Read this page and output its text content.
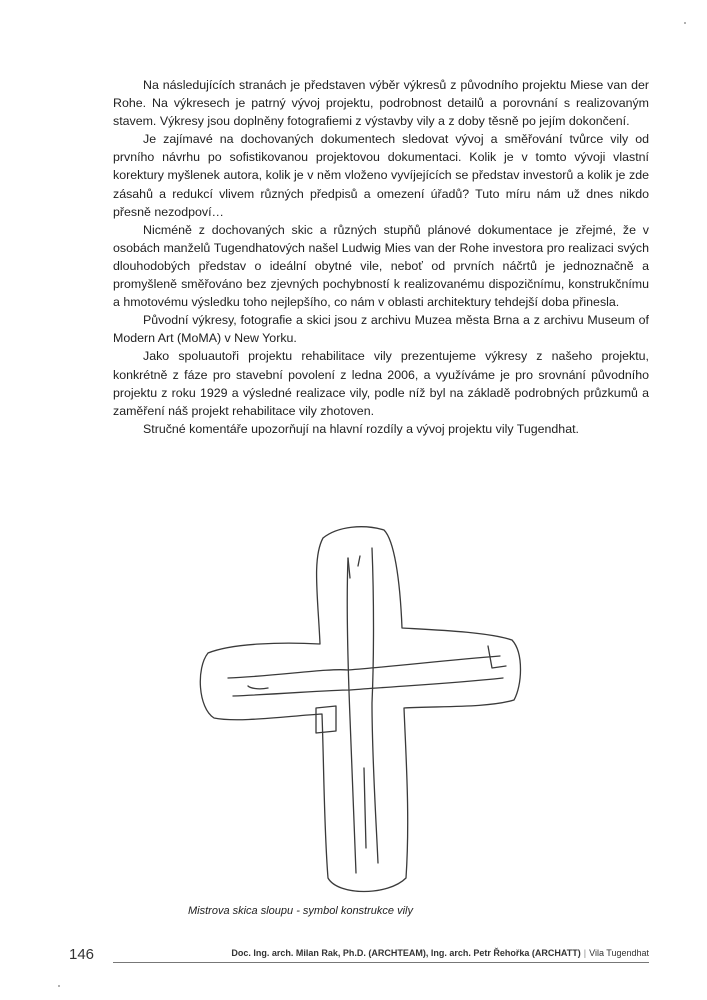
Na následujících stranách je představen výběr výkresů z původního projektu Miese van der Rohe. Na výkresech je patrný vývoj projektu, podrobnost detailů a porovnání s realizovaným stavem. Výkresy jsou doplněny fotografiemi z výstavby vily a z doby těsně po jejím dokončení.

Je zajímavé na dochovaných dokumentech sledovat vývoj a směřování tvůrce vily od prvního návrhu po sofistikovanou projektovou dokumentaci. Kolik je v tomto vývoji vlastní korektury myšlenek autora, kolik je v něm vloženo vyvíjejících se představ investorů a kolik je zde zásahů a redukcí vlivem různých předpisů a omezení úřadů? Tuto míru nám už dnes nikdo přesně nezodpoví…

Nicméně z dochovaných skic a různých stupňů plánové dokumentace je zřejmé, že v osobách manželů Tugendhatových našel Ludwig Mies van der Rohe investora pro realizaci svých dlouhodobých představ o ideální obytné vile, neboť od prvních náčrtů je jednoznačně a promyšleně směřováno bez zjevných pochybností k realizovanému dispozičnímu, konstrukčnímu a hmotovému výsledku toho nejlepšího, co nám v oblasti architektury tehdejší doba přinesla.

Původní výkresy, fotografie a skici jsou z archivu Muzea města Brna a z archivu Museum of Modern Art (MoMA) v New Yorku.

Jako spoluautoři projektu rehabilitace vily prezentujeme výkresy z našeho projektu, konkrétně z fáze pro stavební povolení z ledna 2006, a využíváme je pro srovnání původního projektu z roku 1929 a výsledné realizace vily, podle níž byl na základě podrobných průzkumů a zaměření náš projekt rehabilitace vily zhotoven.

Stručné komentáře upozorňují na hlavní rozdíly a vývoj projektu vily Tugendhat.

Mistrova skica sloupu - symbol konstrukce vily
146	Doc. Ing. arch. Milan Rak, Ph.D. (ARCHTEAM), Ing. arch. Petr Řehořka (ARCHATT) | Vila Tugendhat
